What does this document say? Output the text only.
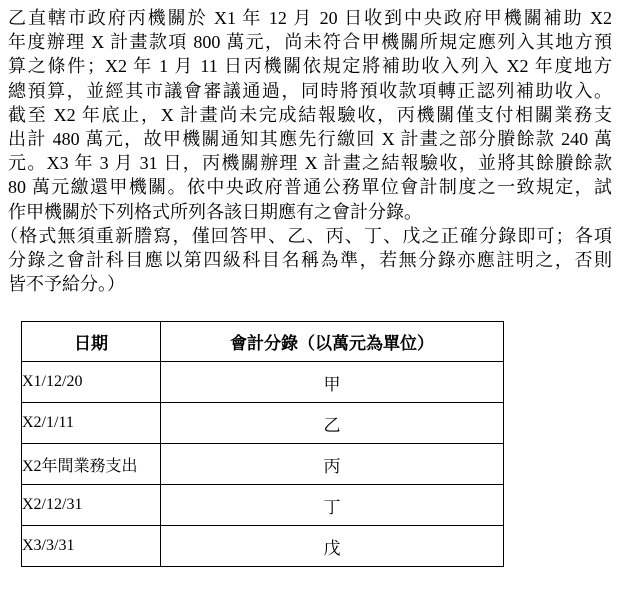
乙直轄市政府丙機關於 X1 年 12 月 20 日收到中央政府甲機關補助 X2
年度辦理 X 計畫款項 800 萬元，尚未符合甲機關所規定應列入其地方預
算之條件；X2 年 1 月 11 日丙機關依規定將補助收入列入 X2 年度地方
總預算，並經其市議會審議通過，同時將預收款項轉正認列補助收入。
截至 X2 年底止，X 計畫尚未完成結報驗收，丙機關僅支付相關業務支
出計 480 萬元，故甲機關通知其應先行繳回 X 計畫之部分賸餘款 240 萬
元。X3 年 3 月 31 日，丙機關辦理 X 計畫之結報驗收，並將其餘賸餘款
80 萬元繳還甲機關。依中央政府普通公務單位會計制度之一致規定，試
作甲機關於下列格式所列各該日期應有之會計分錄。
（格式無須重新謄寫，僅回答甲、乙、丙、丁、戊之正確分錄即可；各項
分錄之會計科目應以第四級科目名稱為準，若無分錄亦應註明之，否則
皆不予給分。）
日期	會計分錄（以萬元為單位）
X1/12/20	甲
X2/1/11	乙
X2年間業務支出	丙
X2/12/31	丁
X3/3/31	戊
